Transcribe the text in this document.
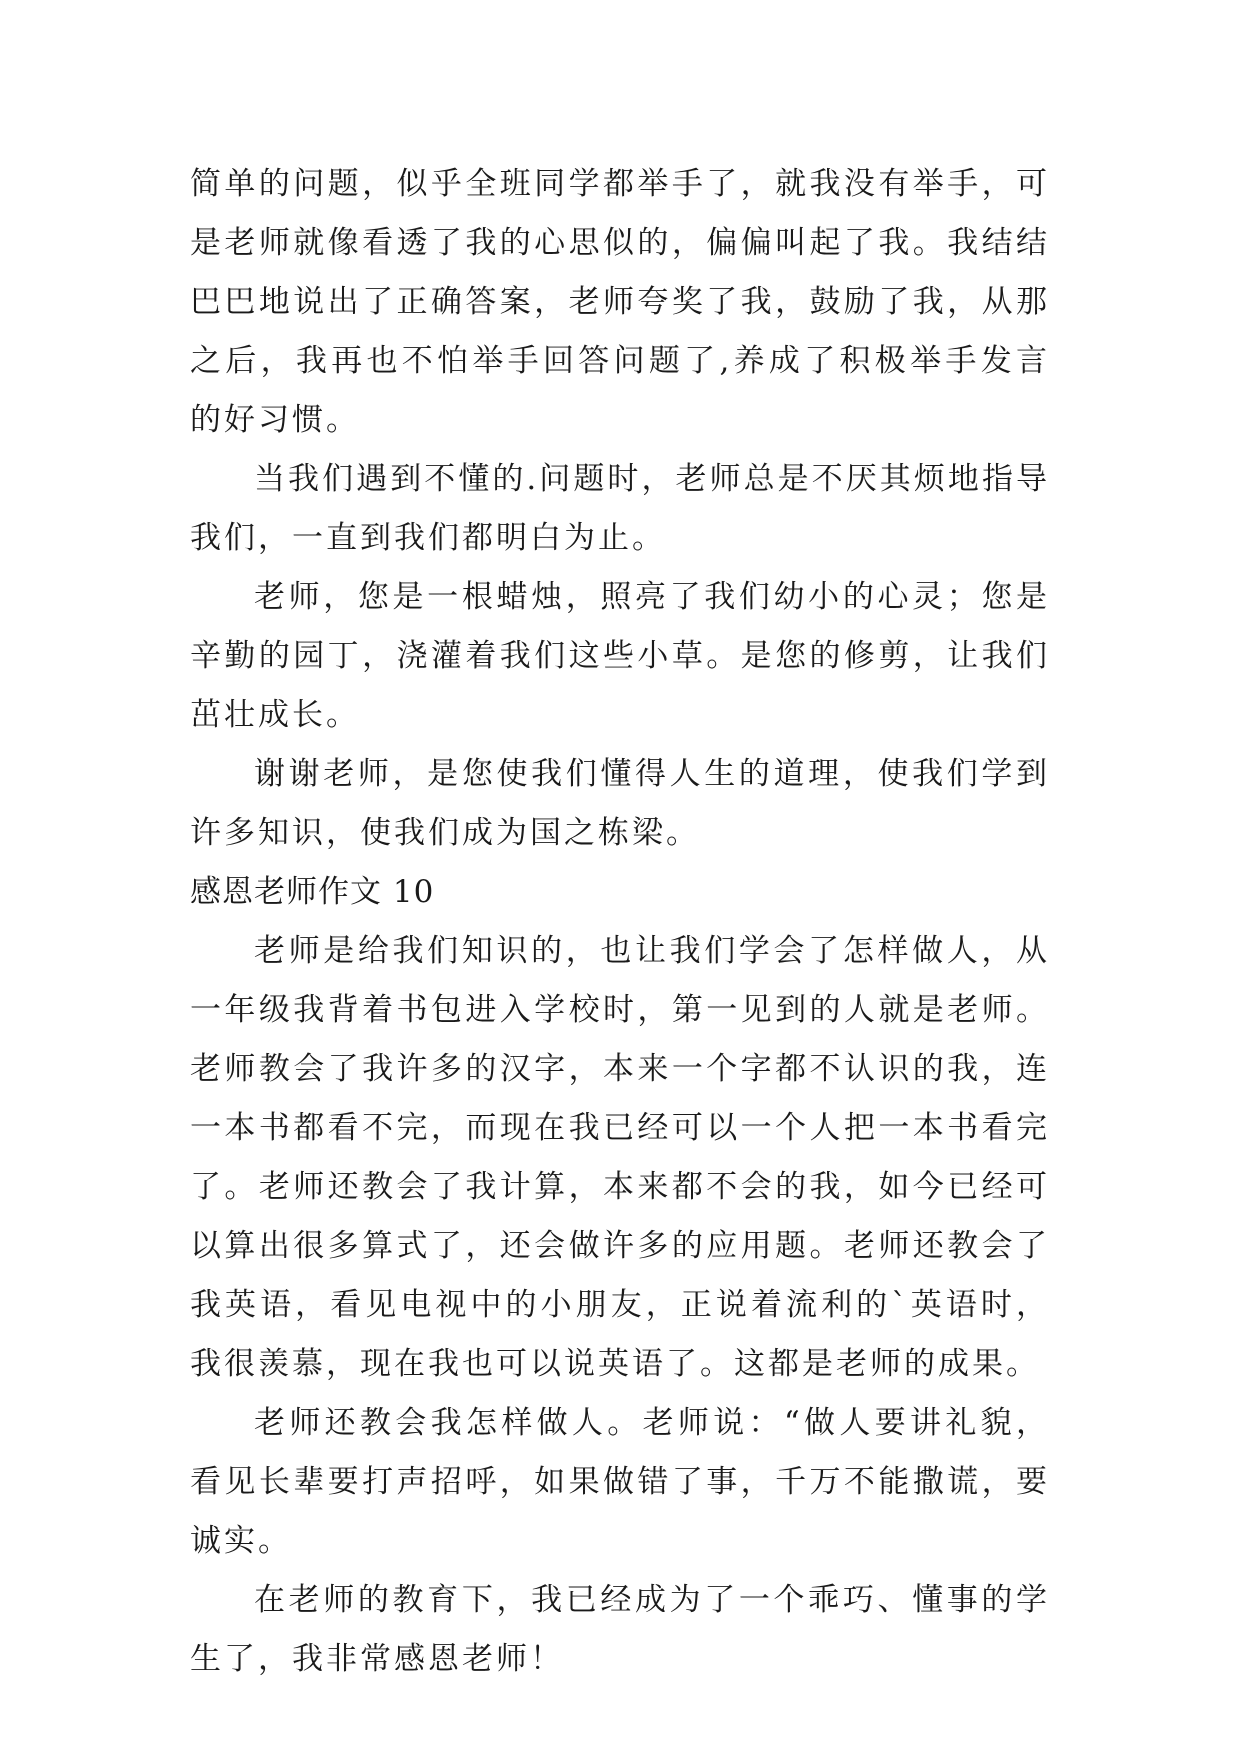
简单的问题，似乎全班同学都举手了，就我没有举手，可是老师就像看透了我的心思似的，偏偏叫起了我。我结结巴巴地说出了正确答案，老师夸奖了我，鼓励了我，从那之后，我再也不怕举手回答问题了,养成了积极举手发言的好习惯。

当我们遇到不懂的.问题时，老师总是不厌其烦地指导我们，一直到我们都明白为止。

老师，您是一根蜡烛，照亮了我们幼小的心灵；您是辛勤的园丁，浇灌着我们这些小草。是您的修剪，让我们茁壮成长。

谢谢老师，是您使我们懂得人生的道理，使我们学到许多知识，使我们成为国之栋梁。

感恩老师作文 10

老师是给我们知识的，也让我们学会了怎样做人，从一年级我背着书包进入学校时，第一见到的人就是老师。老师教会了我许多的汉字，本来一个字都不认识的我，连一本书都看不完，而现在我已经可以一个人把一本书看完了。老师还教会了我计算，本来都不会的我，如今已经可以算出很多算式了，还会做许多的应用题。老师还教会了我英语，看见电视中的小朋友，正说着流利的`英语时，我很羡慕，现在我也可以说英语了。这都是老师的成果。

老师还教会我怎样做人。老师说：“做人要讲礼貌，看见长辈要打声招呼，如果做错了事，千万不能撒谎，要诚实。

在老师的教育下，我已经成为了一个乖巧、懂事的学生了，我非常感恩老师！
